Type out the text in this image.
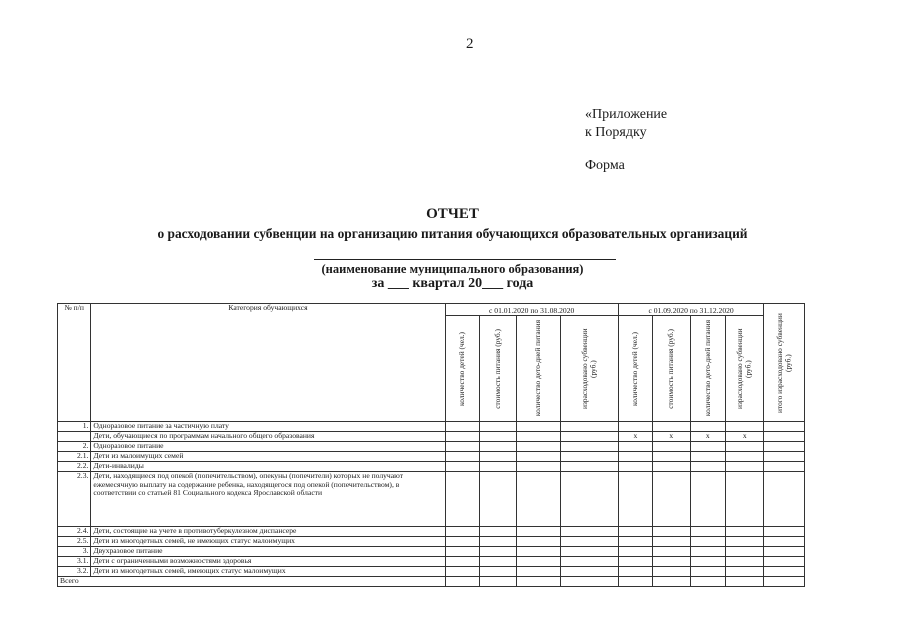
2
«Приложение
к Порядку
Форма
ОТЧЕТ
о расходовании субвенции на организацию питания обучающихся образовательных организаций
(наименование муниципального образования)
за ___ квартал 20___ года
№ п/п	Категория обучающихся	с 01.01.2020 по 31.08.2020				с 01.09.2020 по 31.12.2020				итого израсходовано субвенции (руб.)

		количество детей (чел.)	стоимость питания (руб.)	количество дето-дней питания	израсходовано субвенции (руб.)	количество детей (чел.)	стоимость питания (руб.)	количество дето-дней питания	израсходовано субвенции (руб.)	

1.	Одноразовое питание за частичную плату									
	Дети, обучающиеся по программам начального общего образования					x	x	x	x	
2.	Одноразовое питание									
2.1.	Дети из малоимущих семей									
2.2.	Дети-инвалиды									
2.3.	Дети, находящиеся под опекой (попечительством), опекуны (попечители) которых не получают ежемесячную выплату на содержание ребенка, находящегося под опекой (попечительством), в соответствии со статьей 81 Социального кодекса Ярославской области									
2.4.	Дети, состоящие на учете в противотуберкулезном диспансере									
2.5.	Дети из многодетных семей, не имеющих статус малоимущих									
3.	Двухразовое питание									
3.1.	Дети с ограниченными возможностями здоровья									
3.2.	Дети из многодетных семей, имеющих статус малоимущих									
Всего										
